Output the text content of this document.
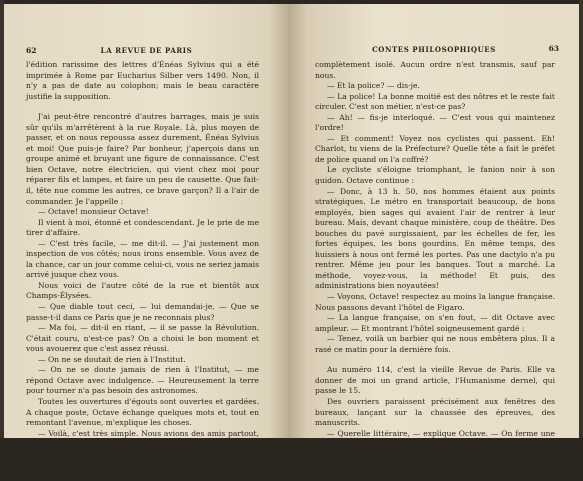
62	LA REVUE DE PARIS

l'édition rarissime des lettres d'Énéas Sylvius qui a été imprimée à Rome par Eucharius Silber vers 1490. Non, il n'y a pas de date au colophon; mais le beau caractère justifie la supposition.

J'ai peut-être rencontré d'autres barrages, mais je suis sûr qu'ils m'arrêtèrent à la rue Royale. Là, plus moyen de passer, et on nous repoussa assez durement, Énéas Sylvius et moi! Que puis-je faire? Par bonheur, j'aperçois dans un groupe animé et bruyant une figure de connaissance. C'est bien Octave, notre électricien, qui vient chez moi pour réparer fils et lampes, et faire un peu de causette. Que fait-il, tête nue comme les autres, ce brave garçon? Il a l'air de commander. Je l'appelle :

— Octave! monsieur Octave!

Il vient à moi, étonné et condescendant. Je le prie de me tirer d'affaire.

— C'est très facile, — me dit-il. — J'ai justement mon inspection de vos côtés; nous irons ensemble. Vous avez de la chance, car un jour comme celui-ci, vous ne seriez jamais arrivé jusque chez vous.

Nous voici de l'autre côté de la rue et bientôt aux Champs-Élysées.

— Que diable tout ceci, — lui demandai-je, — Que se passe-t-il dans ce Paris que je ne reconnais plus?

— Ma foi, — dit-il en riant, — il se passe la Révolution. C'était couru, n'est-ce pas? On a choisi le bon moment et vous avouerez que c'est assez réussi.

— On ne se doutait de rien à l'Institut.

— On ne se doute jamais de rien à l'Institut, — me répond Octave avec indulgence. — Heureusement la terre pour tourner n'a pas besoin des astronomes.

Toutes les ouvertures d'égouts sont ouvertes et gardées. A chaque poste, Octave échange quelques mots et, tout en remontant l'avenue, m'explique les choses.

— Voilà, c'est très simple. Nous avions des amis partout, et d'abord les camarades égoutiers. A 13 h. 45, notre heure H comme vous disiez dans vos guerres, tous les câbles électriques ont été coupés. On a brouillé les ondes. Paris est

CONTES PHILOSOPHIQUES	63

complètement isolé. Aucun ordre n'est transmis, sauf par nous.

— Et la police? — dis-je.

— La police! La bonne moitié est des nôtres et le reste fait circuler. C'est son métier, n'est-ce pas?

— Ah! — fis-je interloqué. — C'est vous qui maintenez l'ordre!

— Et comment! Voyez nos cyclistes qui passent. Eh! Charlot, tu viens de la Préfecture? Quelle tête a fait le préfet de police quand on l'a coffré?

Le cycliste s'éloigne triomphant, le fanion noir à son guidon. Octave continue :

— Donc, à 13 h. 50, nos hommes étaient aux points stratégiques. Le métro en transportait beaucoup, de bons employés, bien sages qui avaient l'air de rentrer à leur bureau. Mais, devant chaque ministère, coup de théâtre. Des bouches du pavé surgissaient, par les échelles de fer, les fortes équipes, les bons gourdins. En même temps, des huissiers à nous ont fermé les portes. Pas une dactylo n'a pu rentrer. Même jeu pour les banques. Tout a marché. La méthode, voyez-vous, la méthode! Et puis, des administrations bien noyautées!

— Voyons, Octave! respectez au moins la langue française. Nous passons devant l'hôtel de Figaro.

— La langue française, on s'en fout, — dit Octave avec ampleur. — Et montrant l'hôtel soigneusement gardé :

— Tenez, voilà un barbier qui ne nous embêtera plus. Il a rasé ce matin pour la dernière fois.

Au numéro 114, c'est la vieille Revue de Paris. Elle va donner de moi un grand article, l'Humanisme dernel, qui passe le 15.

Des ouvriers paraissent précisément aux fenêtres des bureaux, lançant sur la chaussée des épreuves, des manuscrits.

— Querelle littéraire, — explique Octave. — On ferme une boîte. D'autres y passeront. Tout ça, c'est usé, écalé, archifini.

Que va devenir l'Humanisme éternel? Je conçois quelque inquiétude. Mais, l'homme, qui suit d'autres pensées, a tiré sa montre :
